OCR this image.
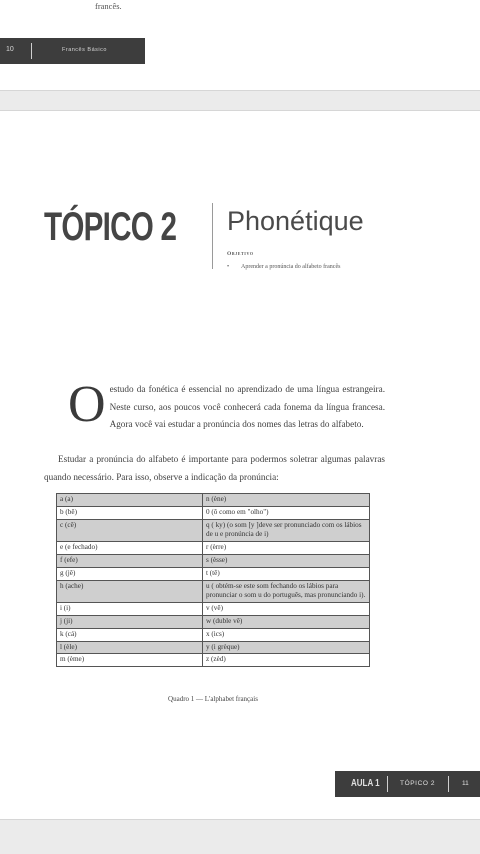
francês.
10	Francês Básico
TÓPICO 2 Phonétique
Objetivo
• Aprender a pronúncia do alfabeto francês

Oestudo da fonética é essencial no aprendizado de uma língua estrangeira. Neste curso, aos poucos você conhecerá cada fonema da língua francesa. Agora você vai estudar a pronúncia dos nomes das letras do alfabeto.

Estudar a pronúncia do alfabeto é importante para podermos soletrar algumas palavras quando necessário. Para isso, observe a indicação da pronúncia:

a (a)	n (ène)
b (bê)	0 (ô como em "olho")
c (cê)	q ( ky) (o som [y ]deve ser pronunciado com os lábios de u e pronúncia de i)
e (e fechado)	r (èrre)
f (efe)	s (èsse)
g (jê)	t (tê)
h (ache)	u ( obtém-se este som fechando os lábios para pronunciar o som u do português, mas pronunciando i).
i (i)	v (vê)
j (ji)	w (duble vê)
k (cá)	x (ics)
l (èle)	y (i grèque)
m (ème)	z (zèd)
Quadro 1 — L'alphabet français
AULA 1	TÓPICO 2	11
